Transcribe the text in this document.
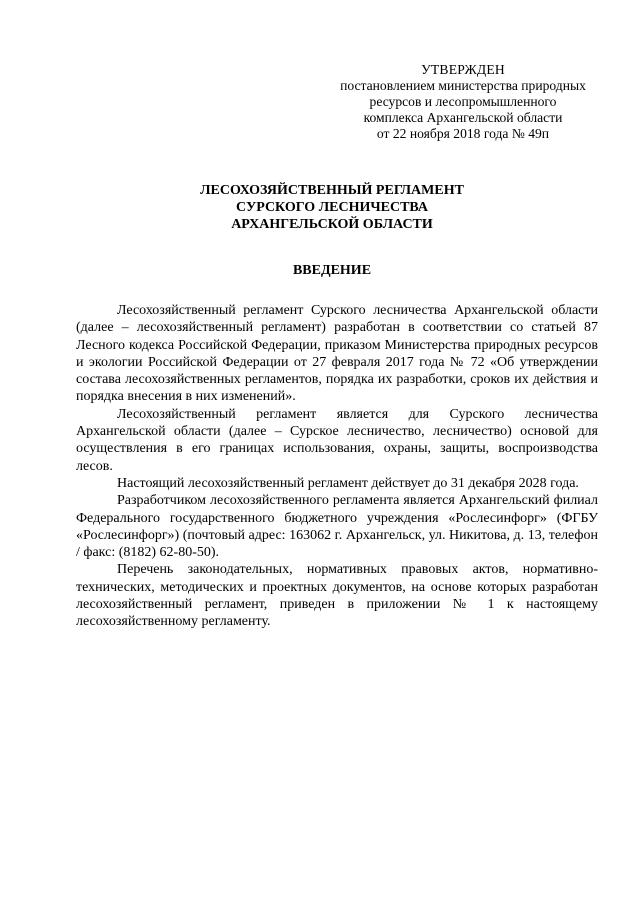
УТВЕРЖДЕН
постановлением министерства природных
ресурсов и лесопромышленного
комплекса Архангельской области
от 22 ноября 2018 года № 49п
ЛЕСОХОЗЯЙСТВЕННЫЙ РЕГЛАМЕНТ
СУРСКОГО ЛЕСНИЧЕСТВА
АРХАНГЕЛЬСКОЙ ОБЛАСТИ
ВВЕДЕНИЕ

Лесохозяйственный регламент Сурского лесничества Архангельской области (далее – лесохозяйственный регламент) разработан в соответствии со статьей 87 Лесного кодекса Российской Федерации, приказом Министерства природных ресурсов и экологии Российской Федерации от 27 февраля 2017 года № 72 «Об утверждении состава лесохозяйственных регламентов, порядка их разработки, сроков их действия и порядка внесения в них изменений».

Лесохозяйственный регламент является для Сурского лесничества Архангельской области (далее – Сурское лесничество, лесничество) основой для осуществления в его границах использования, охраны, защиты, воспроизводства лесов.

Настоящий лесохозяйственный регламент действует до 31 декабря 2028 года.

Разработчиком лесохозяйственного регламента является Архангельский филиал Федерального государственного бюджетного учреждения «Рослесинфорг» (ФГБУ «Рослесинфорг») (почтовый адрес: 163062 г. Архангельск, ул. Никитова, д. 13, телефон / факс: (8182) 62-80-50).

Перечень законодательных, нормативных правовых актов, нормативно-технических, методических и проектных документов, на основе которых разработан лесохозяйственный регламент, приведен в приложении № 1 к настоящему лесохозяйственному регламенту.
